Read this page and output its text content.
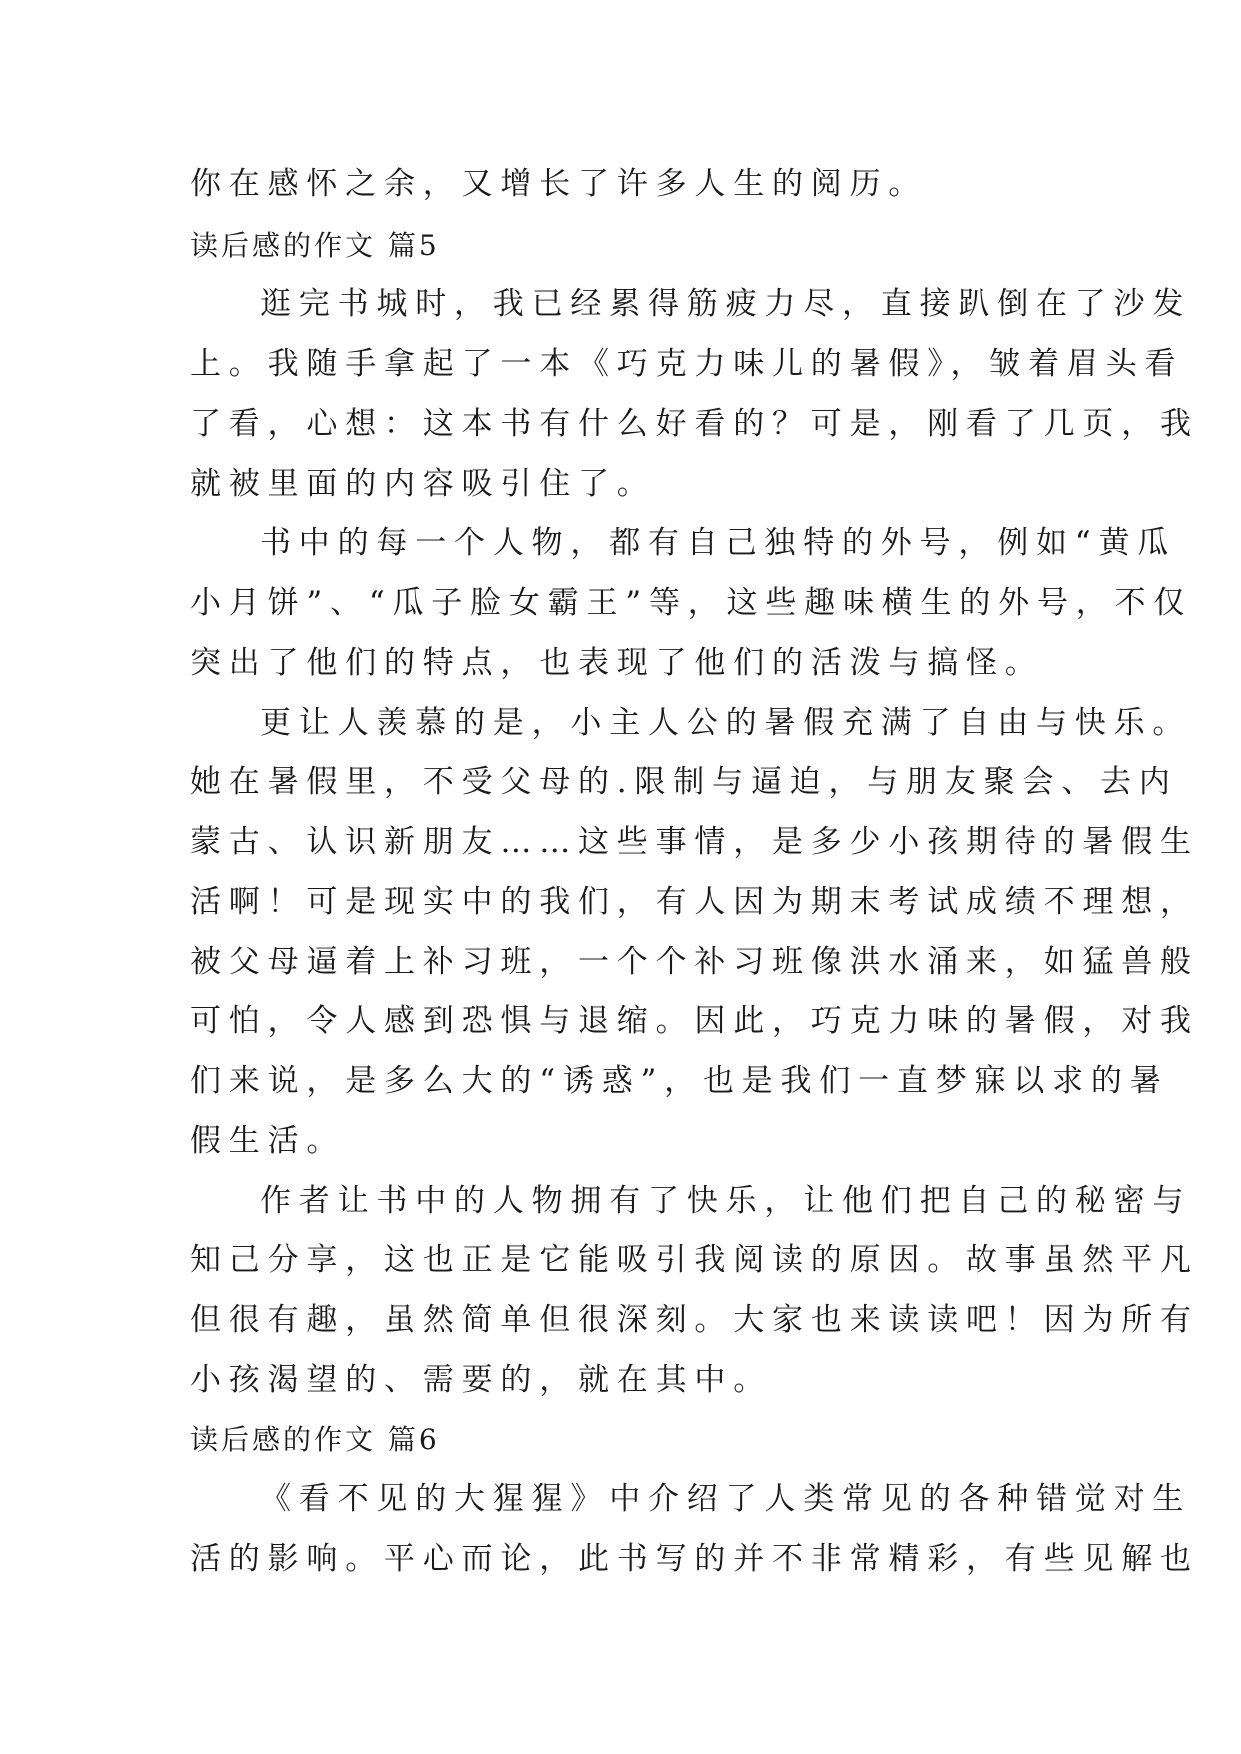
你在感怀之余，又增长了许多人生的阅历。
读后感的作文 篇5
逛完书城时，我已经累得筋疲力尽，直接趴倒在了沙发
上。我随手拿起了一本《巧克力味儿的暑假》，皱着眉头看
了看，心想：这本书有什么好看的？可是，刚看了几页，我
就被里面的内容吸引住了。
书中的每一个人物，都有自己独特的外号，例如“黄瓜
小月饼”、“瓜子脸女霸王”等，这些趣味横生的外号，不仅
突出了他们的特点，也表现了他们的活泼与搞怪。
更让人羡慕的是，小主人公的暑假充满了自由与快乐。
她在暑假里，不受父母的.限制与逼迫，与朋友聚会、去内
蒙古、认识新朋友……这些事情，是多少小孩期待的暑假生
活啊！可是现实中的我们，有人因为期末考试成绩不理想，
被父母逼着上补习班，一个个补习班像洪水涌来，如猛兽般
可怕，令人感到恐惧与退缩。因此，巧克力味的暑假，对我
们来说，是多么大的“诱惑”，也是我们一直梦寐以求的暑
假生活。
作者让书中的人物拥有了快乐，让他们把自己的秘密与
知己分享，这也正是它能吸引我阅读的原因。故事虽然平凡
但很有趣，虽然简单但很深刻。大家也来读读吧！因为所有
小孩渴望的、需要的，就在其中。
读后感的作文 篇6
《看不见的大猩猩》中介绍了人类常见的各种错觉对生
活的影响。平心而论，此书写的并不非常精彩，有些见解也
